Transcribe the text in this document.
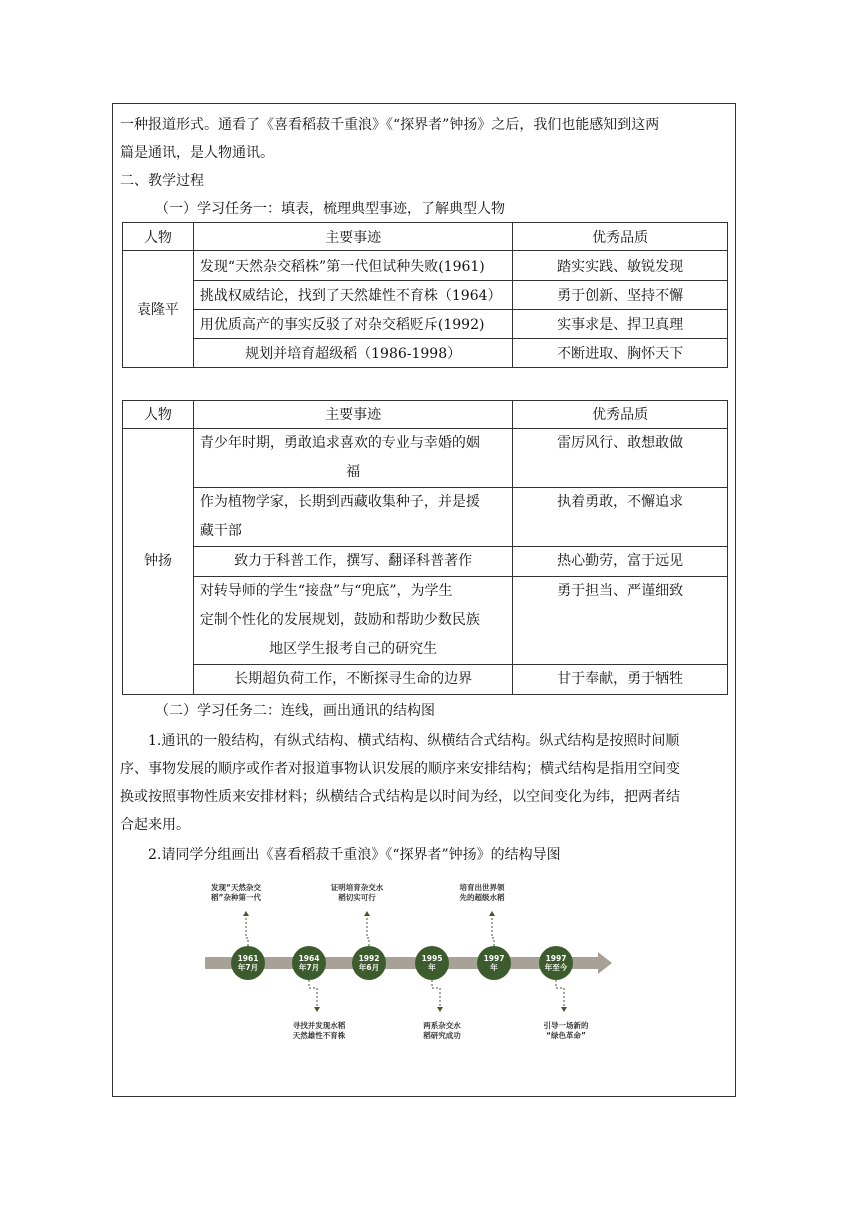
一种报道形式。通看了《喜看稻菽千重浪》《“探界者”钟扬》之后，我们也能感知到这两
篇是通讯，是人物通讯。
二、教学过程
（一）学习任务一：填表，梳理典型事迹，了解典型人物
人物	主要事迹	优秀品质
袁隆平	发现“天然杂交稻株”第一代但试种失败(1961)	踏实实践、敏锐发现
	挑战权威结论，找到了天然雄性不育株（1964）	勇于创新、坚持不懈
	用优质高产的事实反驳了对杂交稻贬斥(1992)	实事求是、捍卫真理
	规划并培育超级稻（1986-1998）	不断进取、胸怀天下
人物	主要事迹	优秀品质
钟扬	青少年时期，勇敢追求喜欢的专业与幸婚的姻
福	雷厉风行、敢想敢做

	作为植物学家，长期到西藏收集种子，并是援
藏干部	执着勇敢，不懈追求
	致力于科普工作，撰写、翻译科普著作	热心勤劳，富于远见

	对转导师的学生“接盘”与“兜底”，为学生
定制个性化的发展规划，鼓励和帮助少数民族
地区学生报考自己的研究生	勇于担当、严谨细致
	长期超负荷工作，不断探寻生命的边界	甘于奉献，勇于牺牲
（二）学习任务二：连线，画出通讯的结构图
1.通讯的一般结构，有纵式结构、横式结构、纵横结合式结构。纵式结构是按照时间顺
序、事物发展的顺序或作者对报道事物认识发展的顺序来安排结构；横式结构是指用空间变
换或按照事物性质来安排材料；纵横结合式结构是以时间为经，以空间变化为纬，把两者结
合起来用。
2.请同学分组画出《喜看稻菽千重浪》《“探界者”钟扬》的结构导图
1961
年7月
发现“天然杂交
稻”杂种第一代
1964
年7月
寻找并发现水稻
天然雄性不育株
1992
年6月
证明培育杂交水
稻切实可行
1995
年
两系杂交水
稻研究成功
1997
年
培育出世界领
先的超级水稻
1997
年至今
引导一场新的
“绿色革命”
